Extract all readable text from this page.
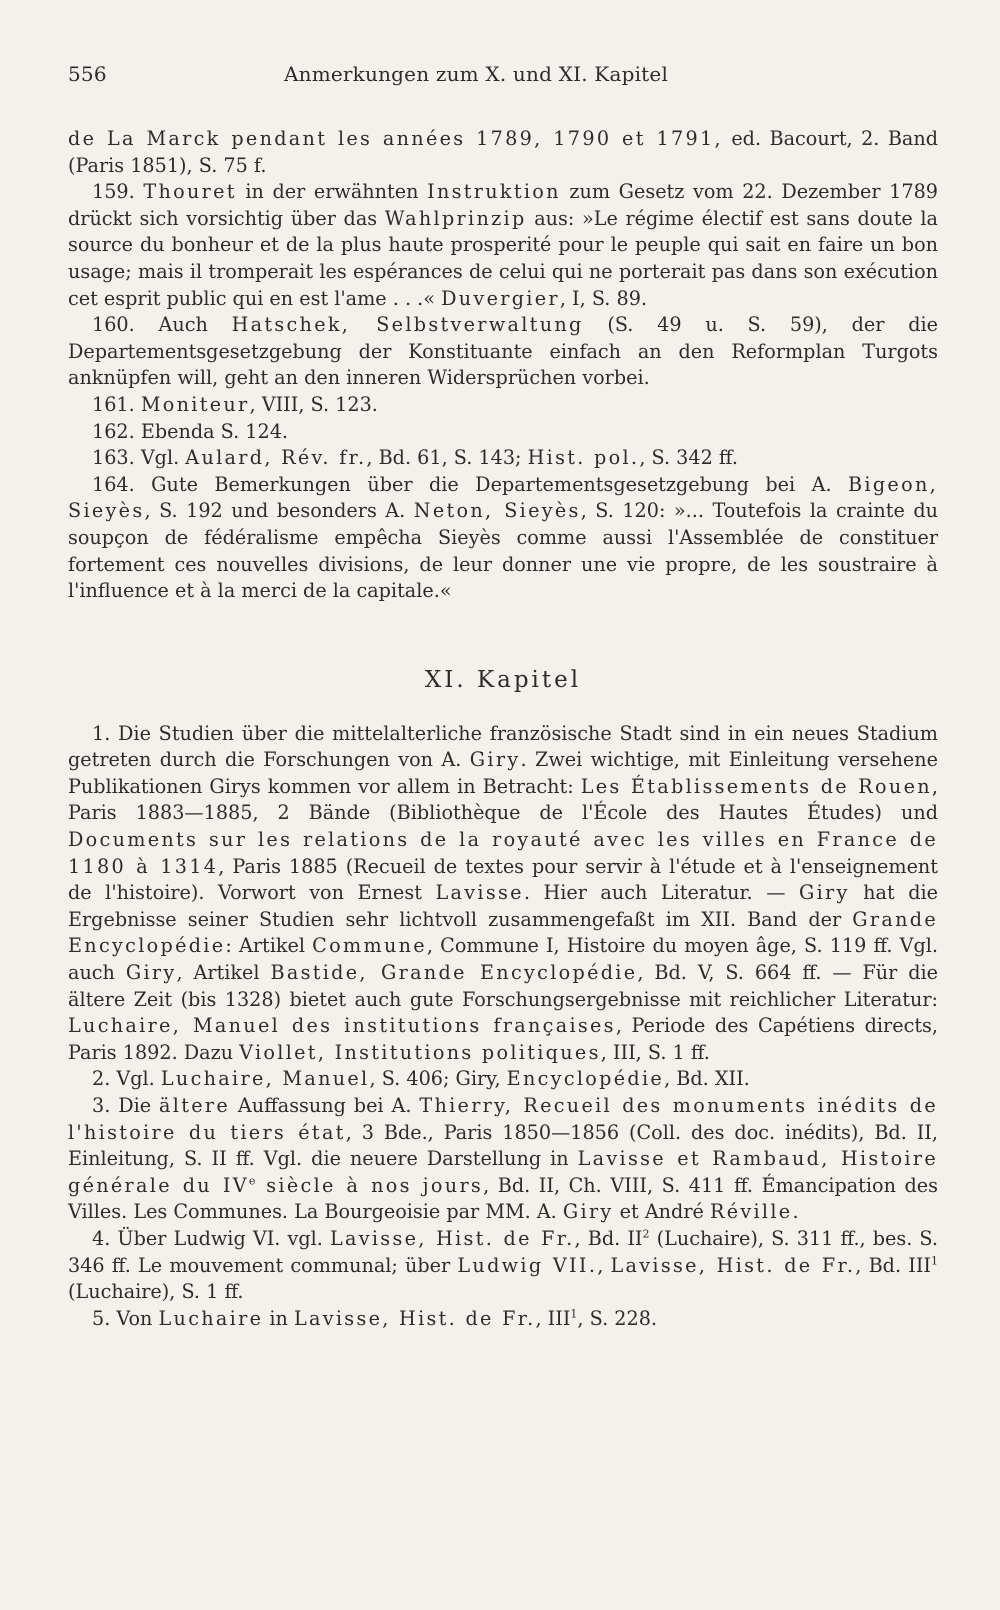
556	Anmerkungen zum X. und XI. Kapitel

de La Marck pendant les années 1789, 1790 et 1791, ed. Bacourt, 2. Band (Paris 1851), S. 75 f.

159. Thouret in der erwähnten Instruktion zum Gesetz vom 22. Dezember 1789 drückt sich vorsichtig über das Wahlprinzip aus: »Le régime électif est sans doute la source du bonheur et de la plus haute prosperité pour le peuple qui sait en faire un bon usage; mais il tromperait les espérances de celui qui ne porterait pas dans son exécution cet esprit public qui en est l'ame . . .« Duvergier, I, S. 89.

160. Auch Hatschek, Selbstverwaltung (S. 49 u. S. 59), der die Departementsgesetzgebung der Konstituante einfach an den Reformplan Turgots anknüpfen will, geht an den inneren Widersprüchen vorbei.

161. Moniteur, VIII, S. 123.

162. Ebenda S. 124.

163. Vgl. Aulard, Rév. fr., Bd. 61, S. 143; Hist. pol., S. 342 ff.

164. Gute Bemerkungen über die Departementsgesetzgebung bei A. Bigeon, Sieyès, S. 192 und besonders A. Neton, Sieyès, S. 120: »... Toutefois la crainte du soupçon de fédéralisme empêcha Sieyès comme aussi l'Assemblée de constituer fortement ces nouvelles divisions, de leur donner une vie propre, de les soustraire à l'influence et à la merci de la capitale.«

XI. Kapitel

1. Die Studien über die mittelalterliche französische Stadt sind in ein neues Stadium getreten durch die Forschungen von A. Giry. Zwei wichtige, mit Einleitung versehene Publikationen Girys kommen vor allem in Betracht: Les Établissements de Rouen, Paris 1883—1885, 2 Bände (Bibliothèque de l'École des Hautes Études) und Documents sur les relations de la royauté avec les villes en France de 1180 à 1314, Paris 1885 (Recueil de textes pour servir à l'étude et à l'enseignement de l'histoire). Vorwort von Ernest Lavisse. Hier auch Literatur. — Giry hat die Ergebnisse seiner Studien sehr lichtvoll zusammengefaßt im XII. Band der Grande Encyclopédie: Artikel Commune, Commune I, Histoire du moyen âge, S. 119 ff. Vgl. auch Giry, Artikel Bastide, Grande Encyclopédie, Bd. V, S. 664 ff. — Für die ältere Zeit (bis 1328) bietet auch gute Forschungsergebnisse mit reichlicher Literatur: Luchaire, Manuel des institutions françaises, Periode des Capétiens directs, Paris 1892. Dazu Viollet, Institutions politiques, III, S. 1 ff.

2. Vgl. Luchaire, Manuel, S. 406; Giry, Encyclopédie, Bd. XII.

3. Die ältere Auffassung bei A. Thierry, Recueil des monuments inédits de l'histoire du tiers état, 3 Bde., Paris 1850—1856 (Coll. des doc. inédits), Bd. II, Einleitung, S. II ff. Vgl. die neuere Darstellung in Lavisse et Rambaud, Histoire générale du IVe siècle à nos jours, Bd. II, Ch. VIII, S. 411 ff. Émancipation des Villes. Les Communes. La Bourgeoisie par MM. A. Giry et André Réville.

4. Über Ludwig VI. vgl. Lavisse, Hist. de Fr., Bd. $II^2$ (Luchaire), S. 311 ff., bes. S. 346 ff. Le mouvement communal; über Ludwig VII., Lavisse, Hist. de Fr., Bd. III$^1$ (Luchaire), S. 1 ff.

5. Von Luchaire in Lavisse, Hist. de Fr., III$^1$, S. 228.
